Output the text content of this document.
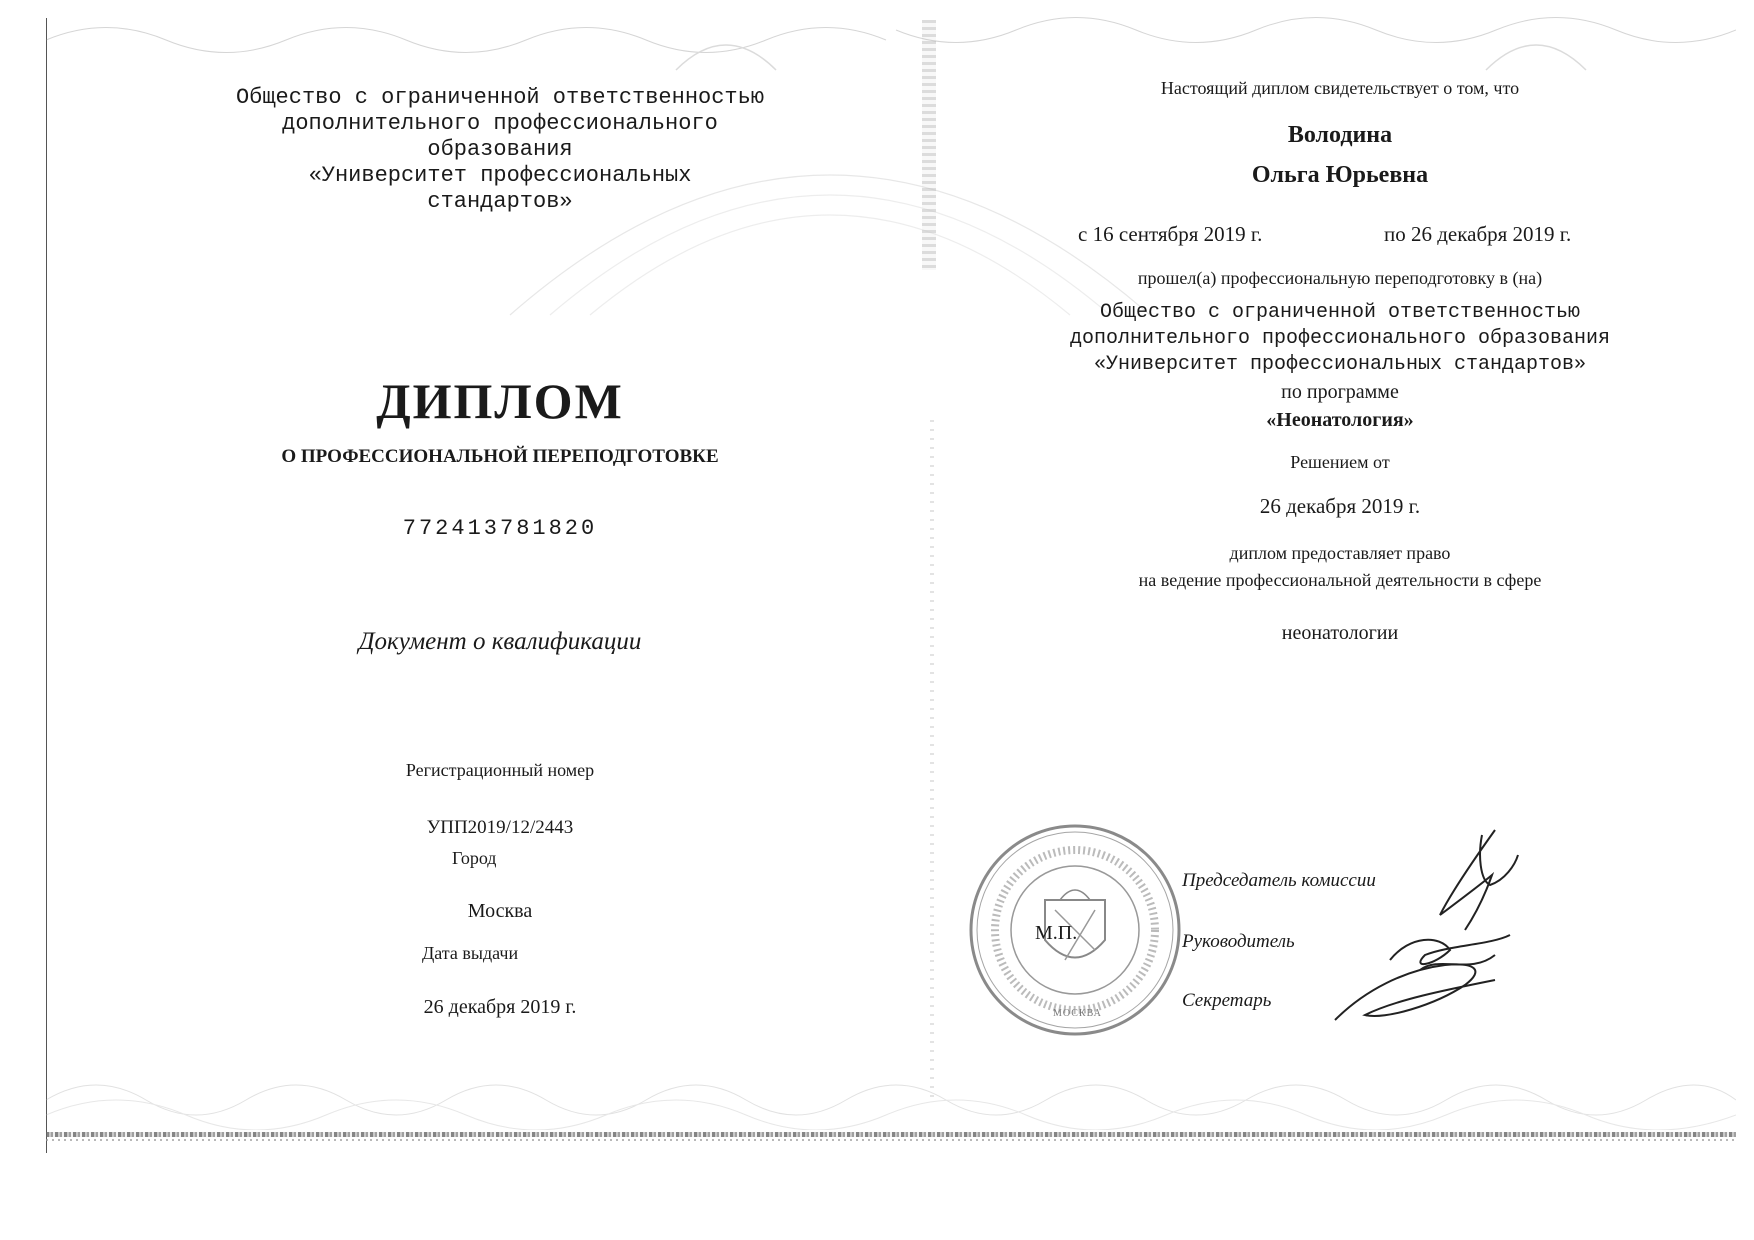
Общество с ограниченной ответственностью
дополнительного профессионального
образования
«Университет профессиональных
стандартов»
ДИПЛОМ
О ПРОФЕССИОНАЛЬНОЙ ПЕРЕПОДГОТОВКЕ
772413781820
Документ о квалификации
Регистрационный номер
УПП2019/12/2443
Город
Москва
Дата выдачи
26 декабря 2019 г.
Настоящий диплом свидетельствует о том, что
Володина
Ольга Юрьевна
с 16 сентября 2019 г.	по 26 декабря 2019 г.
прошел(а) профессиональную переподготовку в (на)
Общество с ограниченной ответственностью
дополнительного профессионального образования
«Университет профессиональных стандартов»
по программе
«Неонатология»
Решением от
26 декабря 2019 г.
диплом предоставляет право
на ведение профессиональной деятельности в сфере
неонатологии
МОСКВА
М.П.
Председатель комиссии
Руководитель
Секретарь
